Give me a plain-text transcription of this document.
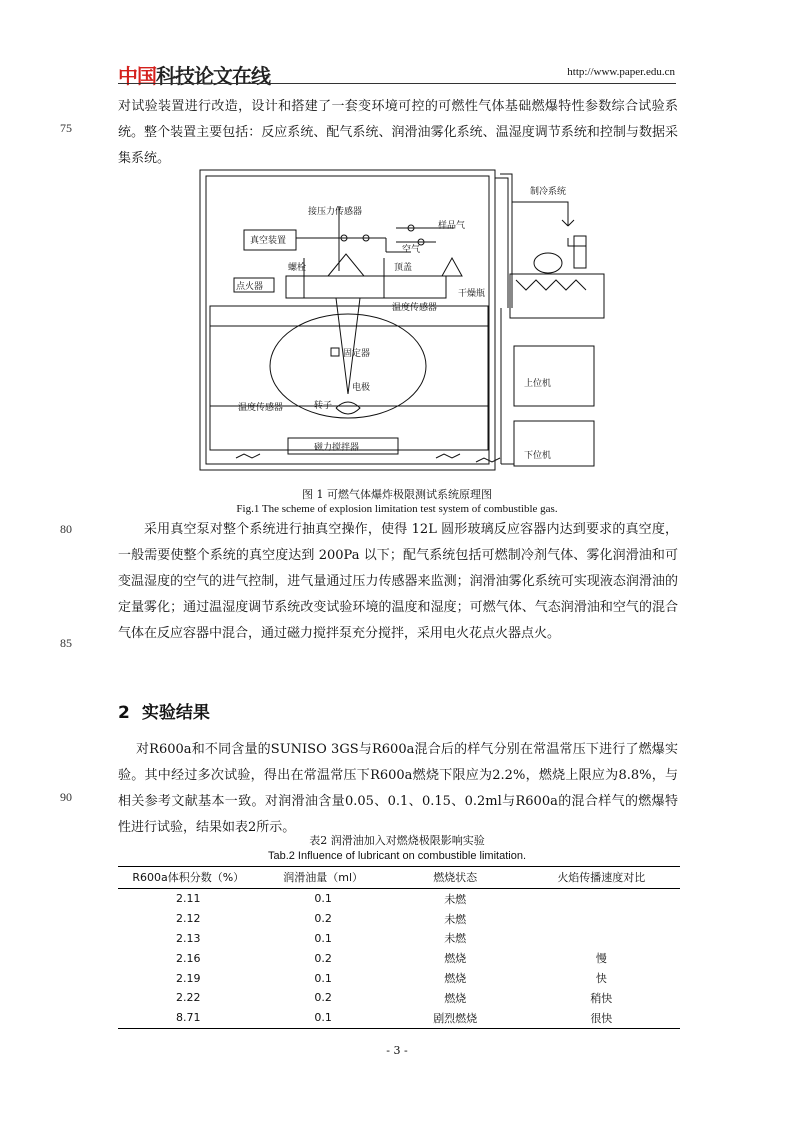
中国科技论文在线	http://www.paper.edu.cn
75
80
85
90
对试验装置进行改造，设计和搭建了一套变环境可控的可燃性气体基础燃爆特性参数综合试验系统。整个装置主要包括：反应系统、配气系统、润滑油雾化系统、温湿度调节系统和控制与数据采集系统。
接压力传感器
真空装置
样品气
空气
螺栓
点火器
顶盖
干燥瓶
温度传感器
固定器
电极
转子
温度传感器
磁力搅拌器
制冷系统
上位机
下位机
图 1 可燃气体爆炸极限测试系统原理图
Fig.1 The scheme of explosion limitation test system of combustible gas.
采用真空泵对整个系统进行抽真空操作，使得 12L 圆形玻璃反应容器内达到要求的真空度，一般需要使整个系统的真空度达到 200Pa 以下；配气系统包括可燃制冷剂气体、雾化润滑油和可变温湿度的空气的进气控制，进气量通过压力传感器来监测；润滑油雾化系统可实现液态润滑油的定量雾化；通过温湿度调节系统改变试验环境的温度和湿度；可燃气体、气态润滑油和空气的混合气体在反应容器中混合，通过磁力搅拌泵充分搅拌，采用电火花点火器点火。
2 实验结果
对R600a和不同含量的SUNISO 3GS与R600a混合后的样气分别在常温常压下进行了燃爆实验。其中经过多次试验，得出在常温常压下R600a燃烧下限应为2.2%，燃烧上限应为8.8%，与相关参考文献基本一致。对润滑油含量0.05、0.1、0.15、0.2ml与R600a的混合样气的燃爆特性进行试验，结果如表2所示。
表2 润滑油加入对燃烧极限影响实验
Tab.2 Influence of lubricant on combustible limitation.
R600a体积分数（%）	润滑油量（ml）	燃烧状态	火焰传播速度对比
2.11	0.1	未燃	
2.12	0.2	未燃	
2.13	0.1	未燃	
2.16	0.2	燃烧	慢
2.19	0.1	燃烧	快
2.22	0.2	燃烧	稍快
8.71	0.1	剧烈燃烧	很快
- 3 -
